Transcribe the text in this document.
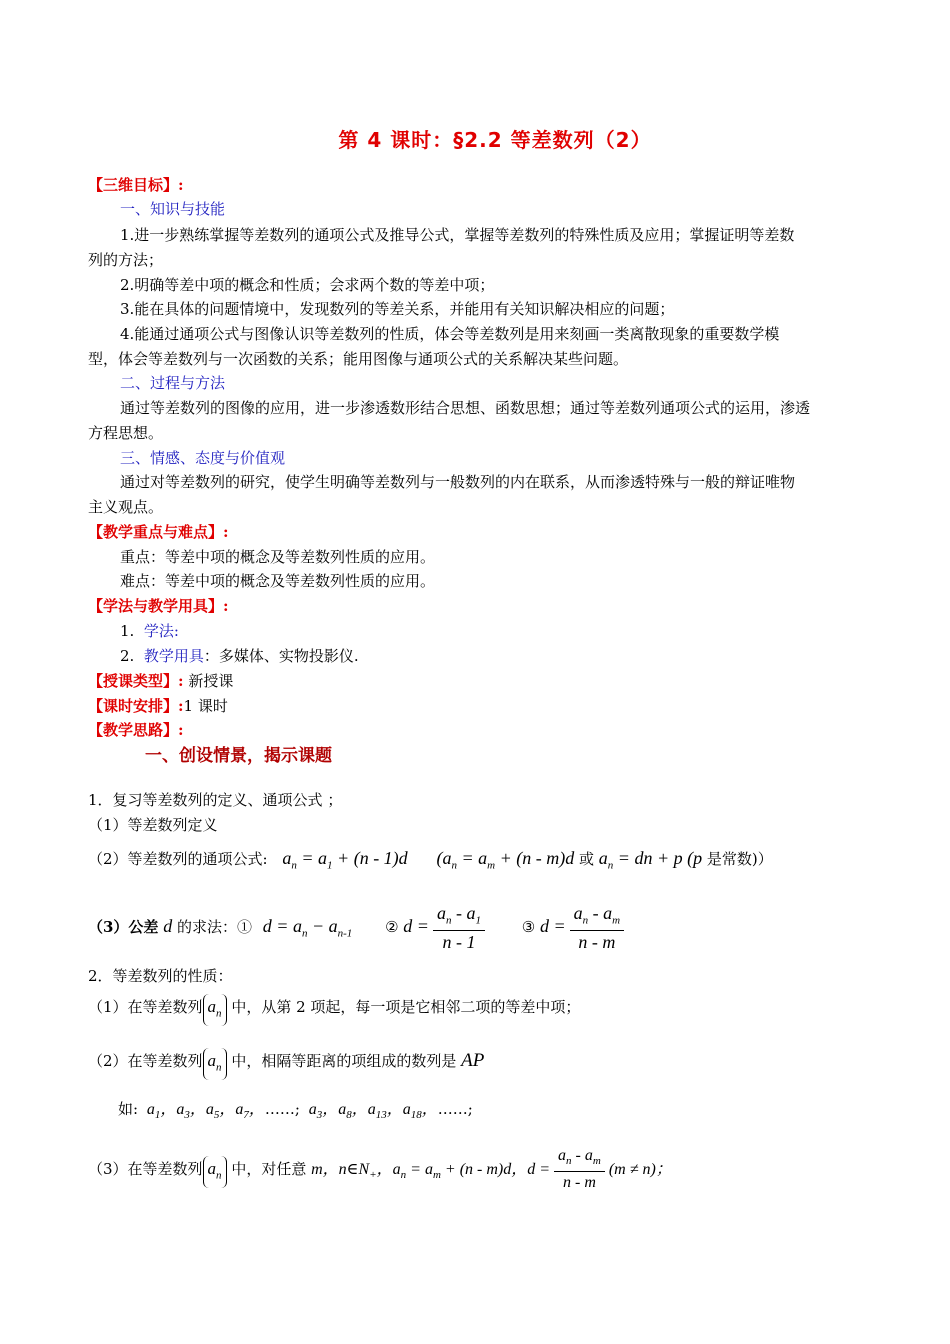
第 4 课时：§2.2 等差数列（2）
【三维目标】:
一、知识与技能
1.进一步熟练掌握等差数列的通项公式及推导公式，掌握等差数列的特殊性质及应用；掌握证明等差数
列的方法；
2.明确等差中项的概念和性质；会求两个数的等差中项；
3.能在具体的问题情境中，发现数列的等差关系，并能用有关知识解决相应的问题；
4.能通过通项公式与图像认识等差数列的性质，体会等差数列是用来刻画一类离散现象的重要数学模
型，体会等差数列与一次函数的关系；能用图像与通项公式的关系解决某些问题。
二、过程与方法
通过等差数列的图像的应用，进一步渗透数形结合思想、函数思想；通过等差数列通项公式的运用，渗透
方程思想。
三、情感、态度与价值观
通过对等差数列的研究，使学生明确等差数列与一般数列的内在联系，从而渗透特殊与一般的辩证唯物
主义观点。
【教学重点与难点】:
重点：等差中项的概念及等差数列性质的应用。
难点：等差中项的概念及等差数列性质的应用。
【学法与教学用具】:
1. 学法:
2. 教学用具：多媒体、实物投影仪.
【授课类型】: 新授课
【课时安排】:1 课时
【教学思路】:
一、创设情景，揭示课题
1．复习等差数列的定义、通项公式 ；
（1）等差数列定义
（2）等差数列的通项公式: $a_n = a_1 + (n - 1)d$ ($a_n = a_m + (n - m)d$ 或 $a_n$ = dn + p (p 是常数)）
（3）公差 d 的求法：① $d = a_n - a_{n-1}$ ② $d = \frac{a_n - a_1}{n - 1}$ ③ $d = \frac{a_n - a_m}{n - m}$
2．等差数列的性质：
（1）在等差数列 $a_n$ 中，从第 2 项起，每一项是它相邻二项的等差中项；
（2）在等差数列 $a_n$ 中，相隔等距离的项组成的数列是 AP
如:  $a_1$，$a_3$，$a_5$，$a_7$，……;  $a_3$，$a_8$，$a_{13}$，$a_{18}$，……;
（3）在等差数列 $a_n$ 中，对任意 m，$n\in N_+$，$a_n = a_m + (n - m)d$，$d = \frac{a_n - a_m}{n - m} (m \ne n)$；
